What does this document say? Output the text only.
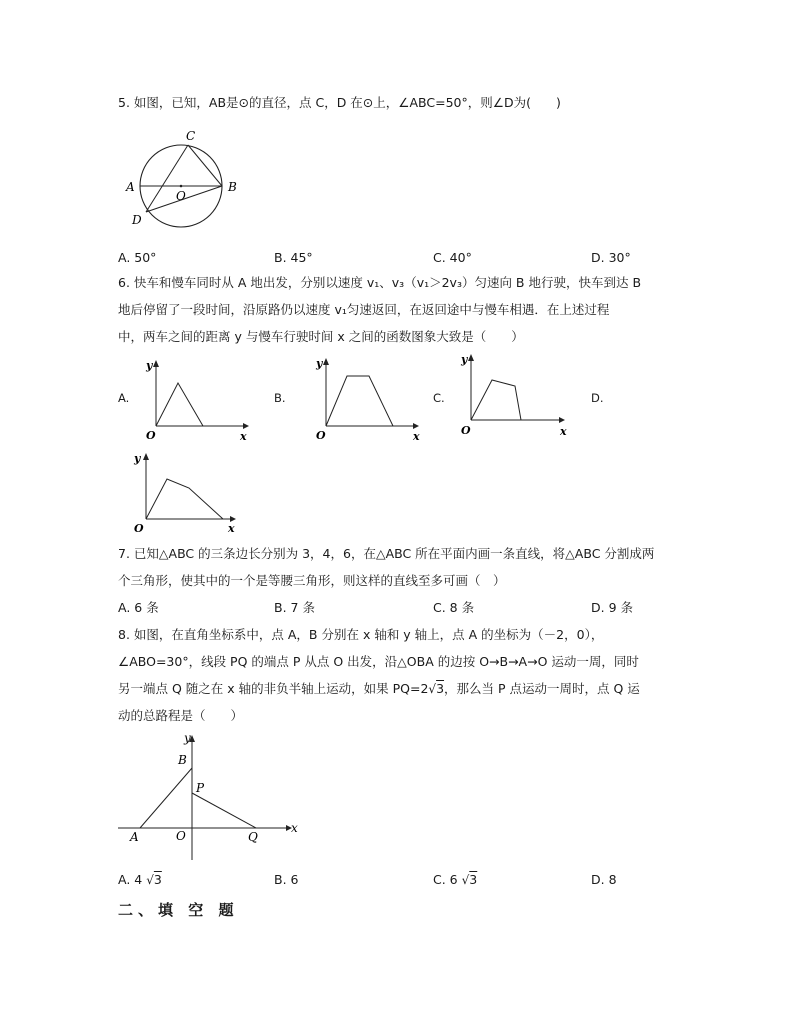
5. 如图，已知，AB是⊙的直径，点 C，D 在⊙上，∠ABC=50°，则∠D为(　　)
C
A	B
O
D
A. 50°	B. 45°	C. 40°	D. 30°
6. 快车和慢车同时从 A 地出发，分别以速度 v₁、v₃（v₁＞2v₃）匀速向 B 地行驶，快车到达 B
地后停留了一段时间，沿原路仍以速度 v₁匀速返回，在返回途中与慢车相遇．在上述过程
中，两车之间的距离 y 与慢车行驶时间 x 之间的函数图象大致是（　　）
A.	B.	C.	D.
y
x
O
y
x
O
y
x
O
y
x
O
7. 已知△ABC 的三条边长分别为 3，4，6，在△ABC 所在平面内画一条直线，将△ABC 分割成两
个三角形，使其中的一个是等腰三角形，则这样的直线至多可画（　）
A. 6 条	B. 7 条	C. 8 条	D. 9 条
8. 如图，在直角坐标系中，点 A，B 分别在 x 轴和 y 轴上，点 A 的坐标为（－2，0），
∠ABO=30°，线段 PQ 的端点 P 从点 O 出发，沿△OBA 的边按 O→B→A→O 运动一周，同时
另一端点 Q 随之在 x 轴的非负半轴上运动，如果 PQ=2√3，那么当 P 点运动一周时，点 Q 运
动的总路程是（　　）
y
x
B
P
A	O	Q
A. 4 √3	B. 6	C. 6 √3	D. 8
二、填 空 题
